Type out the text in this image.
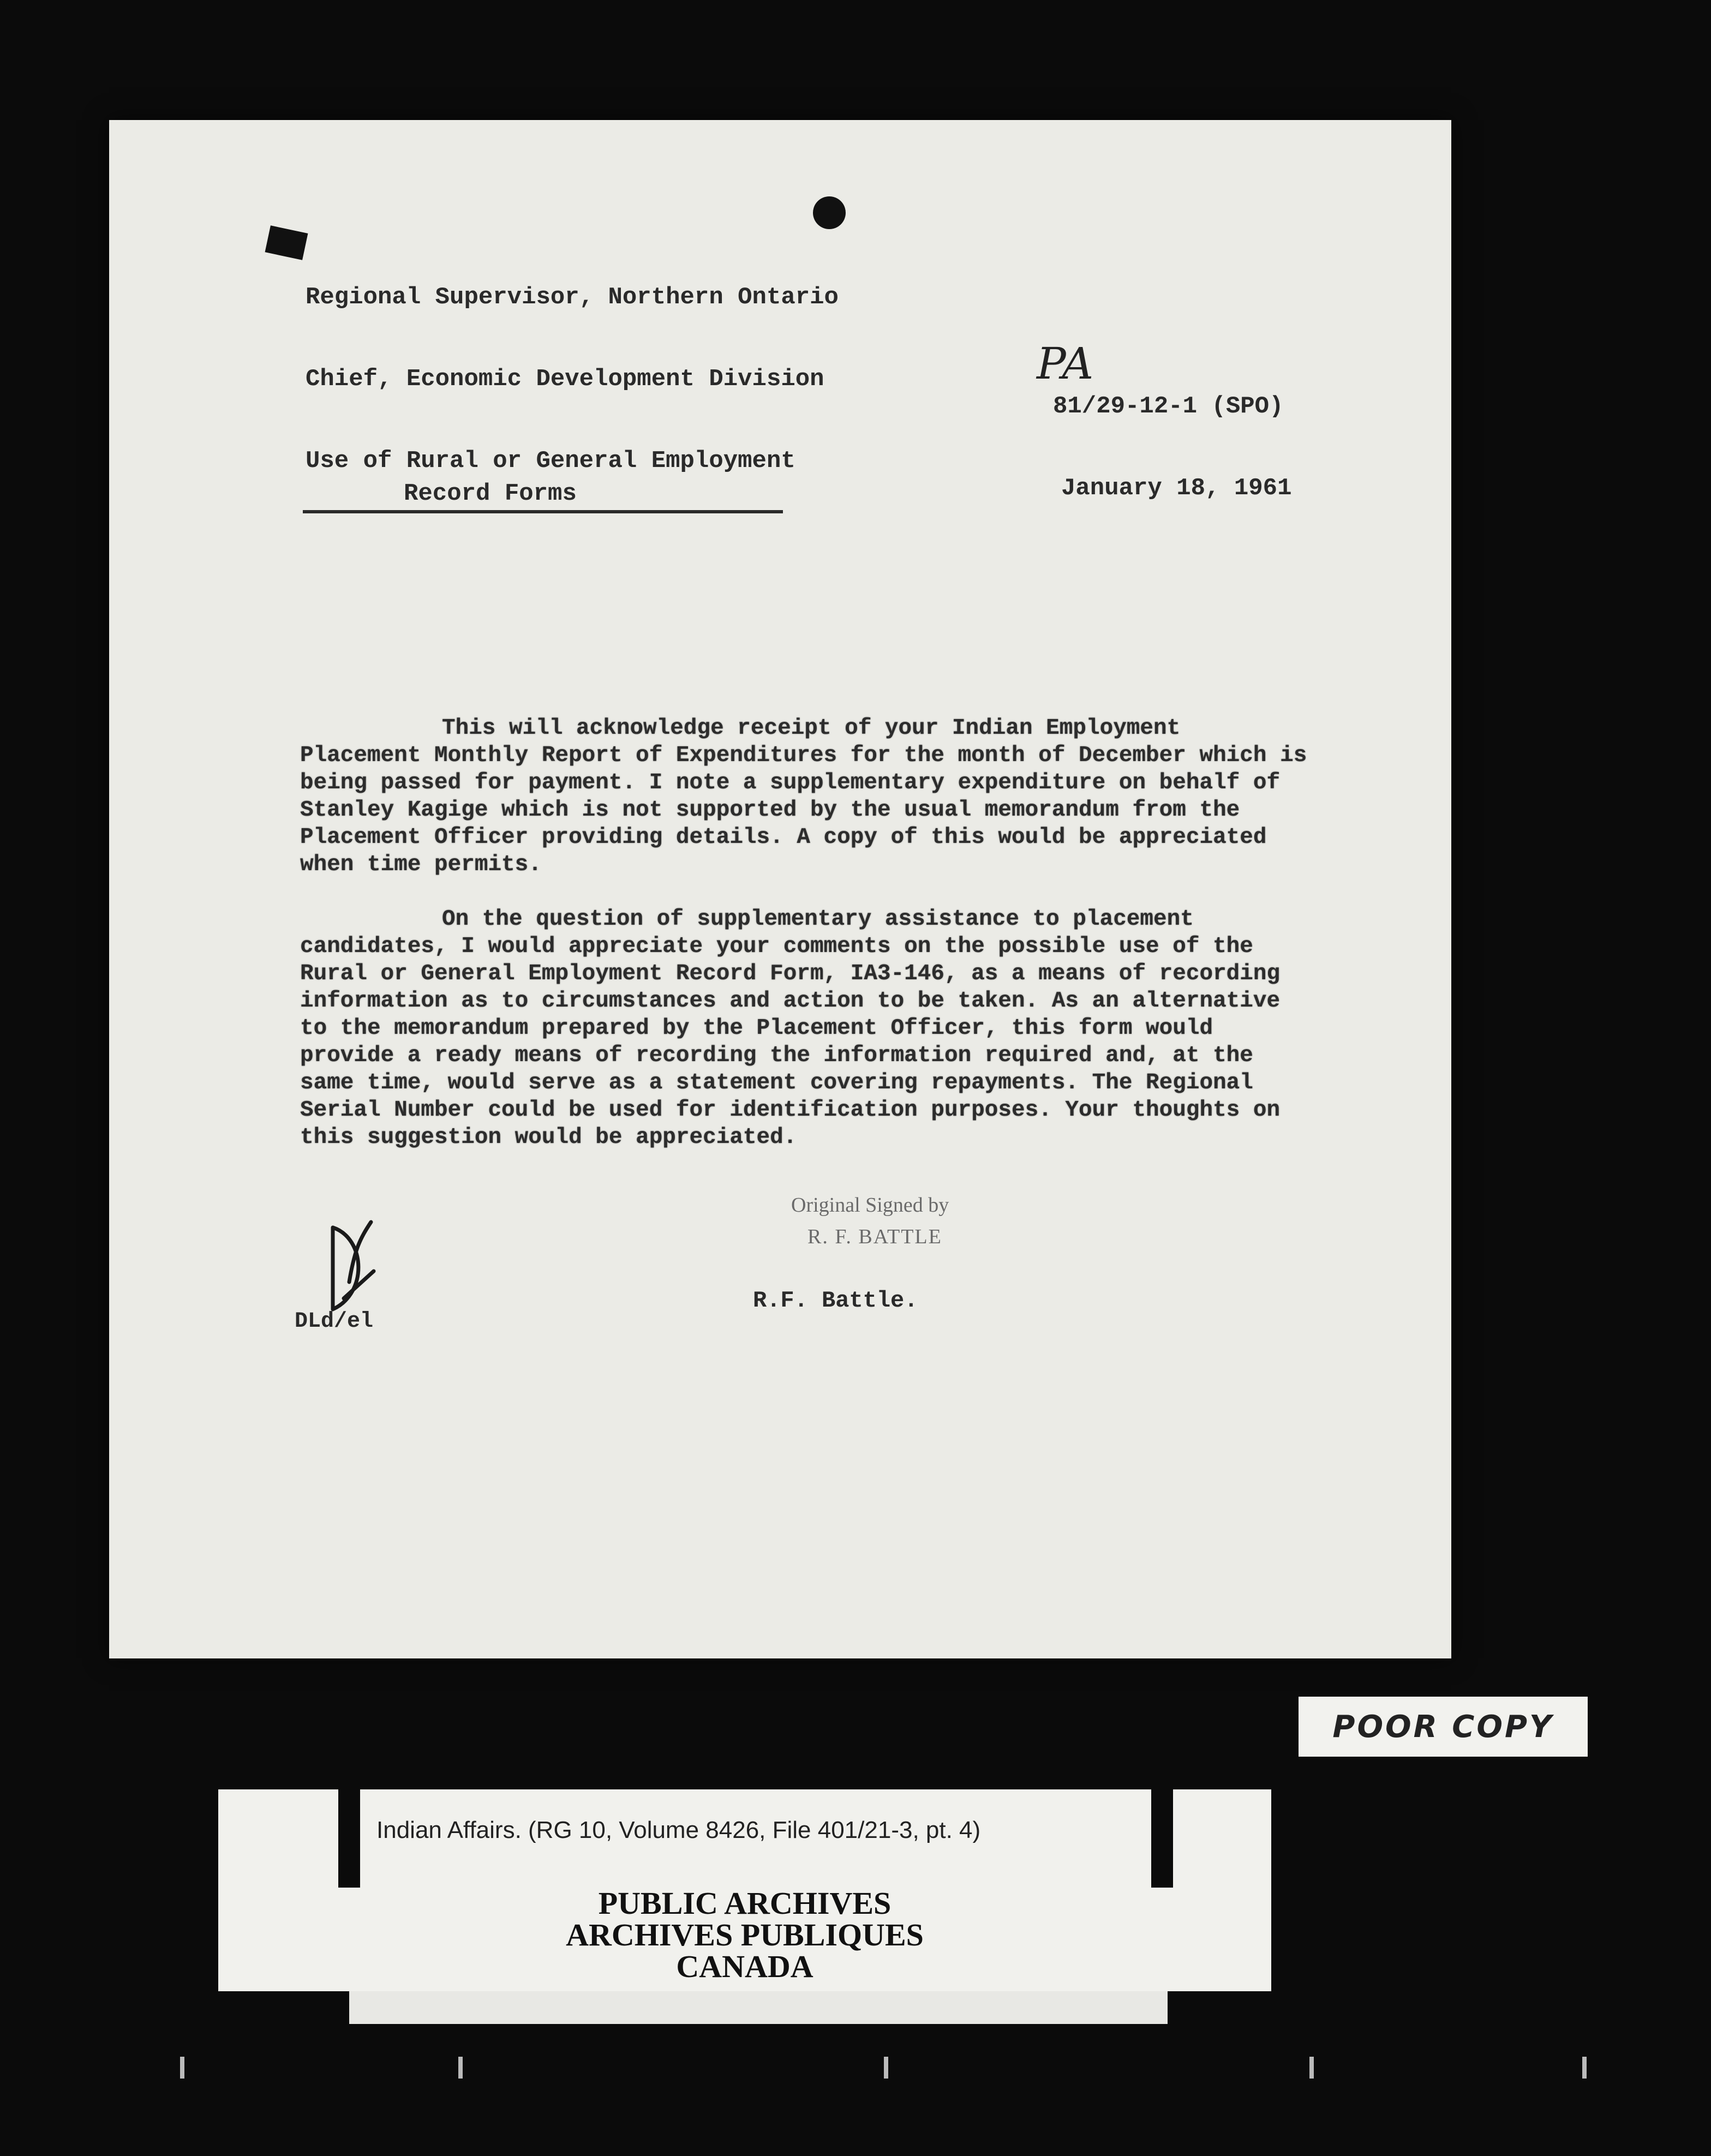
Regional Supervisor, Northern Ontario
Chief, Economic Development Division
Use of Rural or General Employment
Record Forms
PA
81/29-12-1 (SPO)
January 18, 1961

This will acknowledge receipt of your Indian Employment Placement Monthly Report of Expenditures for the month of December which is being passed for payment. I note a supplementary expenditure on behalf of Stanley Kagige which is not supported by the usual memorandum from the Placement Officer providing details. A copy of this would be appreciated when time permits.

On the question of supplementary assistance to placement candidates, I would appreciate your comments on the possible use of the Rural or General Employment Record Form, IA3-146, as a means of recording information as to circumstances and action to be taken. As an alternative to the memorandum prepared by the Placement Officer, this form would provide a ready means of recording the information required and, at the same time, would serve as a statement covering repayments. The Regional Serial Number could be used for identification purposes. Your thoughts on this suggestion would be appreciated.

Original Signed by
R. F. BATTLE
R.F. Battle.
DLd/el
POOR COPY
Indian Affairs. (RG 10, Volume 8426, File 401/21-3, pt. 4)
PUBLIC ARCHIVES
ARCHIVES PUBLIQUES
CANADA
